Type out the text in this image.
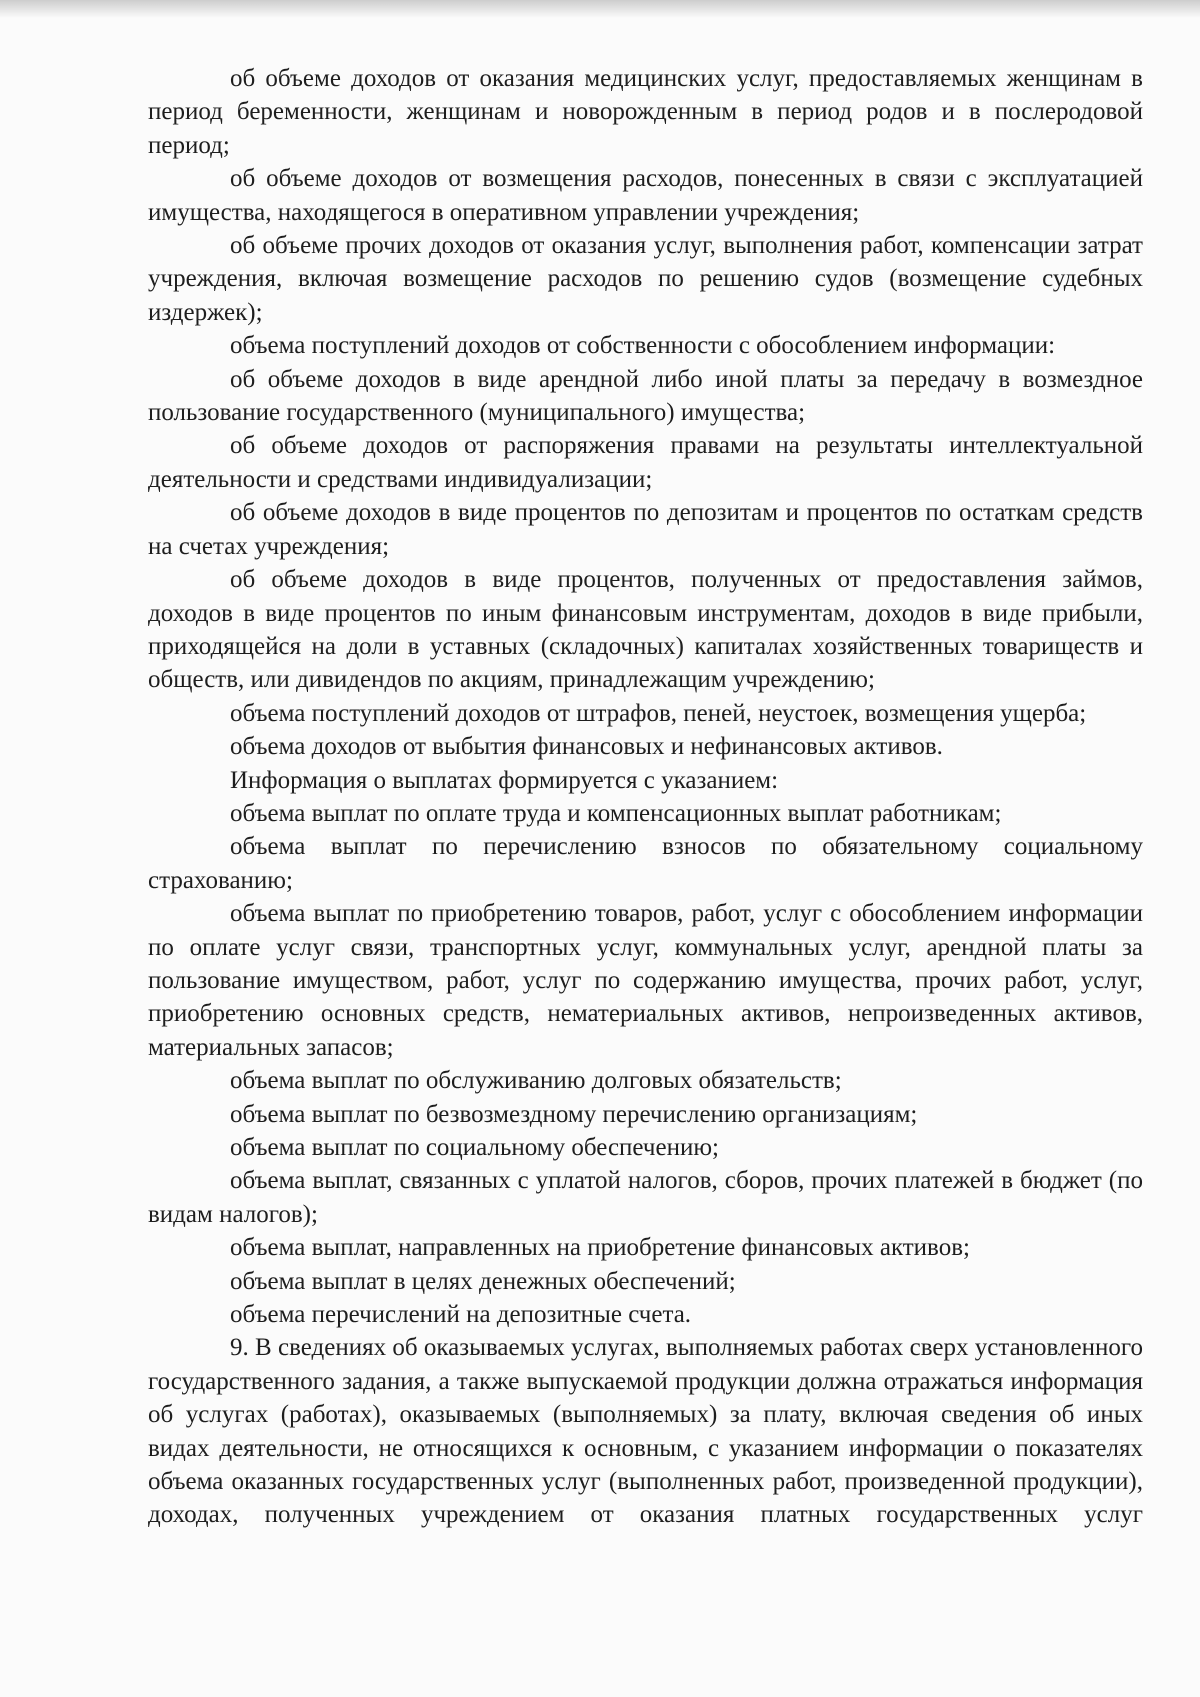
об объеме доходов от оказания медицинских услуг, предоставляемых женщинам в период беременности, женщинам и новорожденным в период родов и в послеродовой период;

об объеме доходов от возмещения расходов, понесенных в связи с эксплуатацией имущества, находящегося в оперативном управлении учреждения;

об объеме прочих доходов от оказания услуг, выполнения работ, компенсации затрат учреждения, включая возмещение расходов по решению судов (возмещение судебных издержек);

объема поступлений доходов от собственности с обособлением информации:

об объеме доходов в виде арендной либо иной платы за передачу в возмездное пользование государственного (муниципального) имущества;

об объеме доходов от распоряжения правами на результаты интеллектуальной деятельности и средствами индивидуализации;

об объеме доходов в виде процентов по депозитам и процентов по остаткам средств на счетах учреждения;

об объеме доходов в виде процентов, полученных от предоставления займов, доходов в виде процентов по иным финансовым инструментам, доходов в виде прибыли, приходящейся на доли в уставных (складочных) капиталах хозяйственных товариществ и обществ, или дивидендов по акциям, принадлежащим учреждению;

объема поступлений доходов от штрафов, пеней, неустоек, возмещения ущерба;

объема доходов от выбытия финансовых и нефинансовых активов.

Информация о выплатах формируется с указанием:

объема выплат по оплате труда и компенсационных выплат работникам;

объема выплат по перечислению взносов по обязательному социальному страхованию;

объема выплат по приобретению товаров, работ, услуг с обособлением информации по оплате услуг связи, транспортных услуг, коммунальных услуг, арендной платы за пользование имуществом, работ, услуг по содержанию имущества, прочих работ, услуг, приобретению основных средств, нематериальных активов, непроизведенных активов, материальных запасов;

объема выплат по обслуживанию долговых обязательств;

объема выплат по безвозмездному перечислению организациям;

объема выплат по социальному обеспечению;

объема выплат, связанных с уплатой налогов, сборов, прочих платежей в бюджет (по видам налогов);

объема выплат, направленных на приобретение финансовых активов;

объема выплат в целях денежных обеспечений;

объема перечислений на депозитные счета.

9. В сведениях об оказываемых услугах, выполняемых работах сверх установленного государственного задания, а также выпускаемой продукции должна отражаться информация об услугах (работах), оказываемых (выполняемых) за плату, включая сведения об иных видах деятельности, не относящихся к основным, с указанием информации о показателях объема оказанных государственных услуг (выполненных работ, произведенной продукции), доходах, полученных учреждением от оказания платных государственных услуг
